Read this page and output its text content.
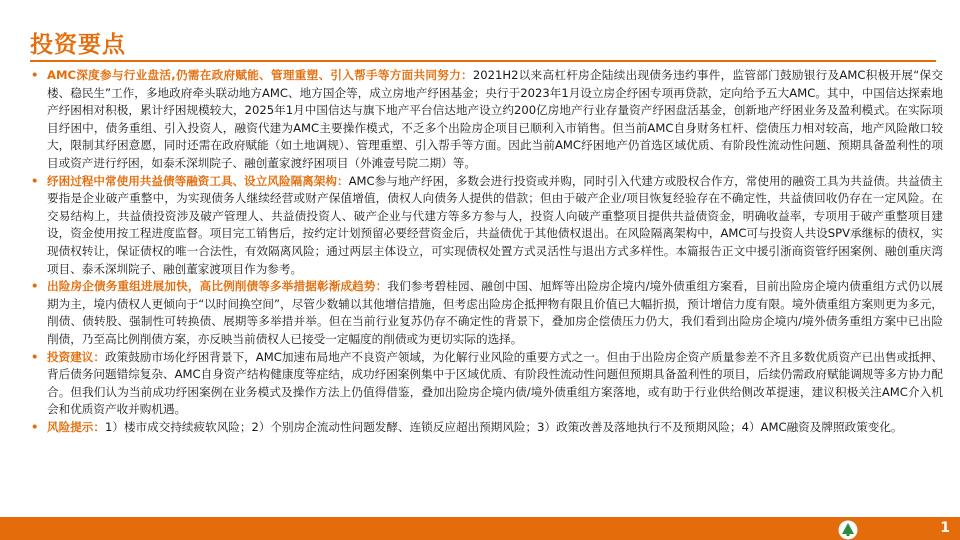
投资要点

• AMC深度参与行业盘活,仍需在政府赋能、管理重塑、引入帮手等方面共同努力：2021H2以来高杠杆房企陆续出现债务违约事件，监管部门鼓励银行及AMC积极开展“保交楼、稳民生”工作，多地政府牵头联动地方AMC、地方国企等，成立房地产纾困基金；央行于2023年1月设立房企纾困专项再贷款，定向给予五大AMC。其中，中国信达探索地产纾困相对积极，累计纾困规模较大，2025年1月中国信达与旗下地产平台信达地产设立约200亿房地产行业存量资产纾困盘活基金，创新地产纾困业务及盈利模式。在实际项目纾困中，债务重组、引入投资人，融资代建为AMC主要操作模式，不乏多个出险房企项目已顺利入市销售。但当前AMC自身财务杠杆、偿债压力相对较高，地产风险敞口较大，限制其纾困意愿，同时还需在政府赋能（如土地调规）、管理重塑、引入帮手等方面。因此当前AMC纾困地产仍首选区域优质、有阶段性流动性问题、预期具备盈利性的项目或资产进行纾困，如泰禾深圳院子、融创董家渡纾困项目（外滩壹号院二期）等。

• 纾困过程中常使用共益债等融资工具、设立风险隔离架构：AMC参与地产纾困，多数会进行投资或并购，同时引入代建方或股权合作方，常使用的融资工具为共益债。共益债主要指是企业破产重整中，为实现债务人继续经营或财产保值增值，债权人向债务人提供的借款；但由于破产企业/项目恢复经验存在不确定性，共益债回收仍存在一定风险。在交易结构上，共益债投资涉及破产管理人、共益债投资人、破产企业与代建方等多方参与人，投资人向破产重整项目提供共益债资金，明确收益率，专项用于破产重整项目建设，资金使用按工程进度监督。项目完工销售后，按约定计划预留必要经营资金后，共益债优于其他债权退出。在风险隔离架构中，AMC可与投资人共设SPV承继标的债权，实现债权转让，保证债权的唯一合法性，有效隔离风险；通过两层主体设立，可实现债权处置方式灵活性与退出方式多样性。本篇报告正文中援引浙商资管纾困案例、融创重庆湾项目、泰禾深圳院子、融创董家渡项目作为参考。

• 出险房企债务重组进展加快，高比例削债等多举措据彰渐成趋势：我们参考碧桂园、融创中国、旭辉等出险房企境内/境外债重组方案看，目前出险房企境内债重组方式仍以展期为主，境内债权人更倾向于“以时间换空间”，尽管少数辅以其他增信措施，但考虑出险房企抵押物有限且价值已大幅折损，预计增信力度有限。境外债重组方案则更为多元，削债、债转股、强制性可转换债、展期等多举措并举。但在当前行业复苏仍存不确定性的背景下，叠加房企偿债压力仍大，我们看到出险房企境内/境外债务重组方案中已出险削债，乃至高比例削债方案，亦反映当前债权人已接受一定幅度的削债或为更切实际的选择。

• 投资建议：政策鼓励市场化纾困背景下，AMC加速布局地产不良资产领域，为化解行业风险的重要方式之一。但由于出险房企资产质量参差不齐且多数优质资产已出售或抵押、背后债务问题错综复杂、AMC自身资产结构健康度等症结，成功纾困案例集中于区域优质、有阶段性流动性问题但预期具备盈利性的项目，后续仍需政府赋能调规等多方协力配合。但我们认为当前成功纾困案例在业务模式及操作方法上仍值得借鉴，叠加出险房企境内债/境外债重组方案落地，或有助于行业供给侧改革提速，建议积极关注AMC介入机会和优质资产收并购机遇。

• 风险提示：1）楼市成交持续疲软风险；2）个别房企流动性问题发酵、连锁反应超出预期风险；3）政策改善及落地执行不及预期风险；4）AMC融资及牌照政策变化。

1
